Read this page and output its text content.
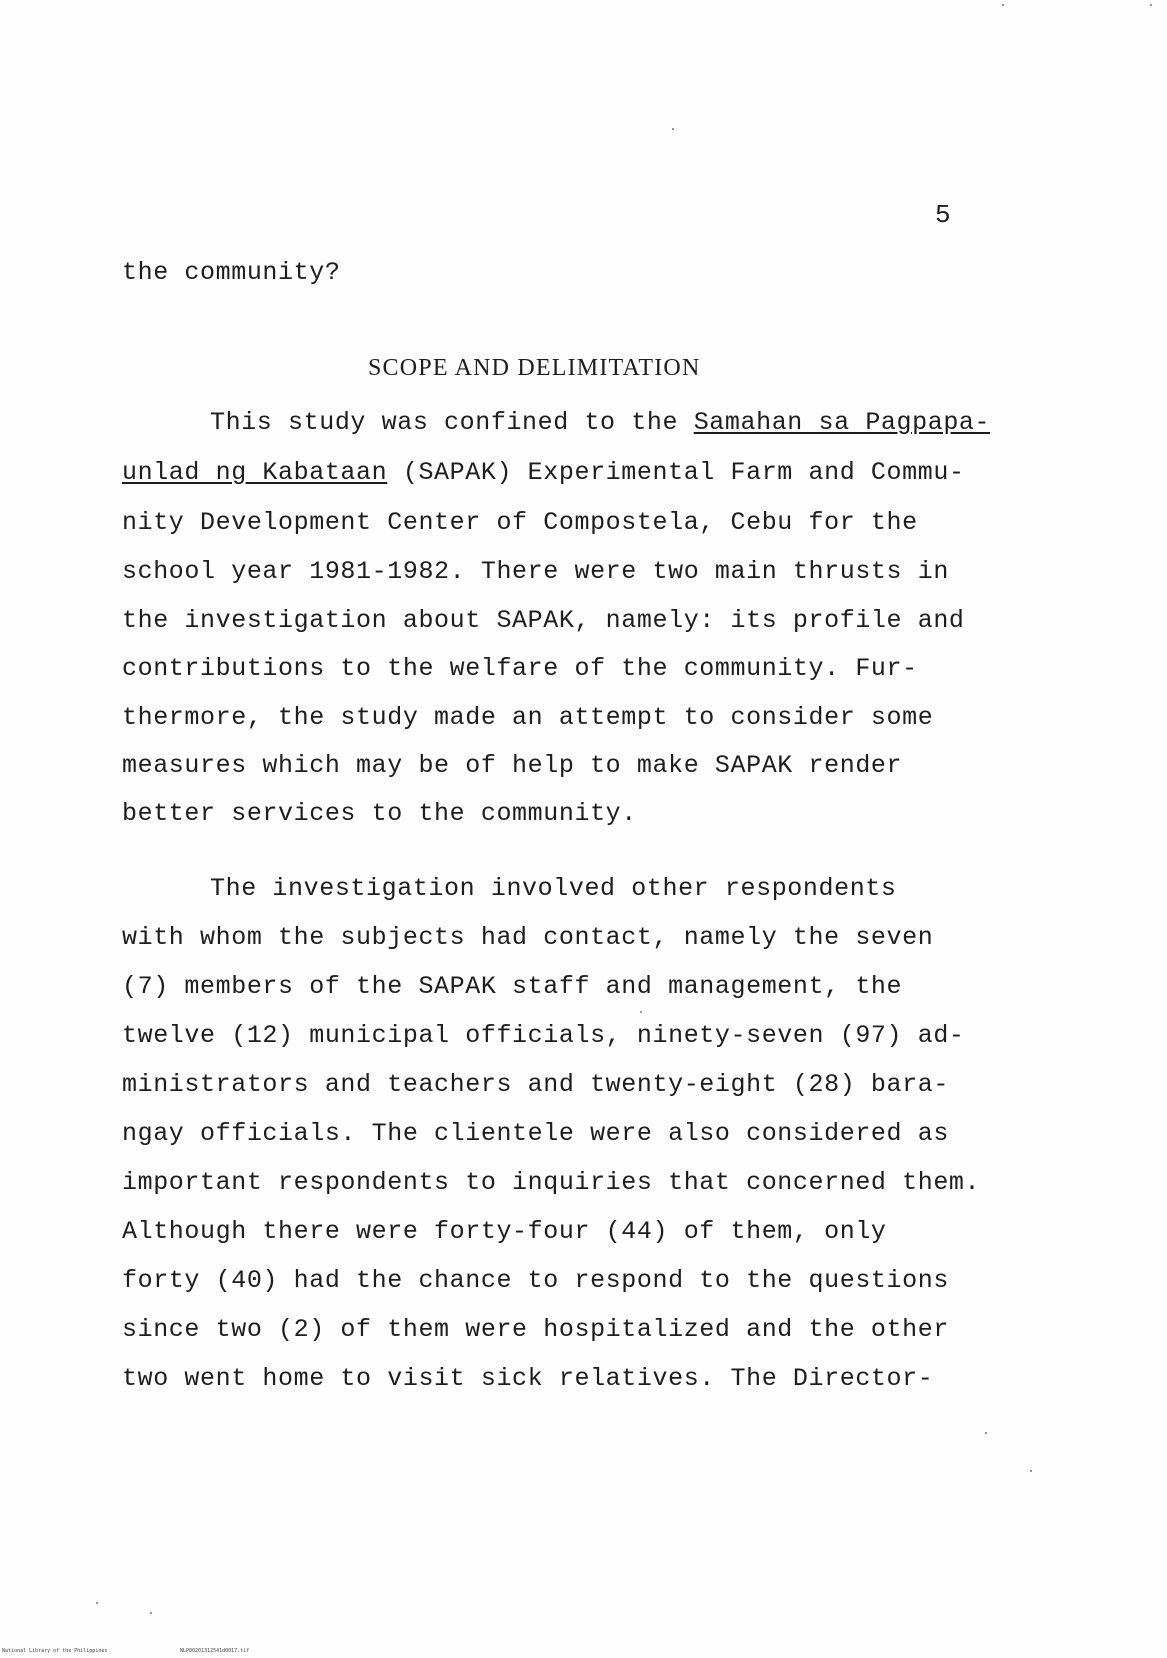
5
the community?
SCOPE AND DELIMITATION
This study was confined to the Samahan sa Pagpapa-
unlad ng Kabataan (SAPAK) Experimental Farm and Commu-
nity Development Center of Compostela, Cebu for the
school year 1981-1982. There were two main thrusts in
the investigation about SAPAK, namely: its profile and
contributions to the welfare of the community. Fur-
thermore, the study made an attempt to consider some
measures which may be of help to make SAPAK render
better services to the community.
The investigation involved other respondents
with whom the subjects had contact, namely the seven
(7) members of the SAPAK staff and management, the
twelve (12) municipal officials, ninety-seven (97) ad-
ministrators and teachers and twenty-eight (28) bara-
ngay officials. The clientele were also considered as
important respondents to inquiries that concerned them.
Although there were forty-four (44) of them, only
forty (40) had the chance to respond to the questions
since two (2) of them were hospitalized and the other
two went home to visit sick relatives. The Director-
National Library of the Philippines	NLP00201312541d0017.tif
